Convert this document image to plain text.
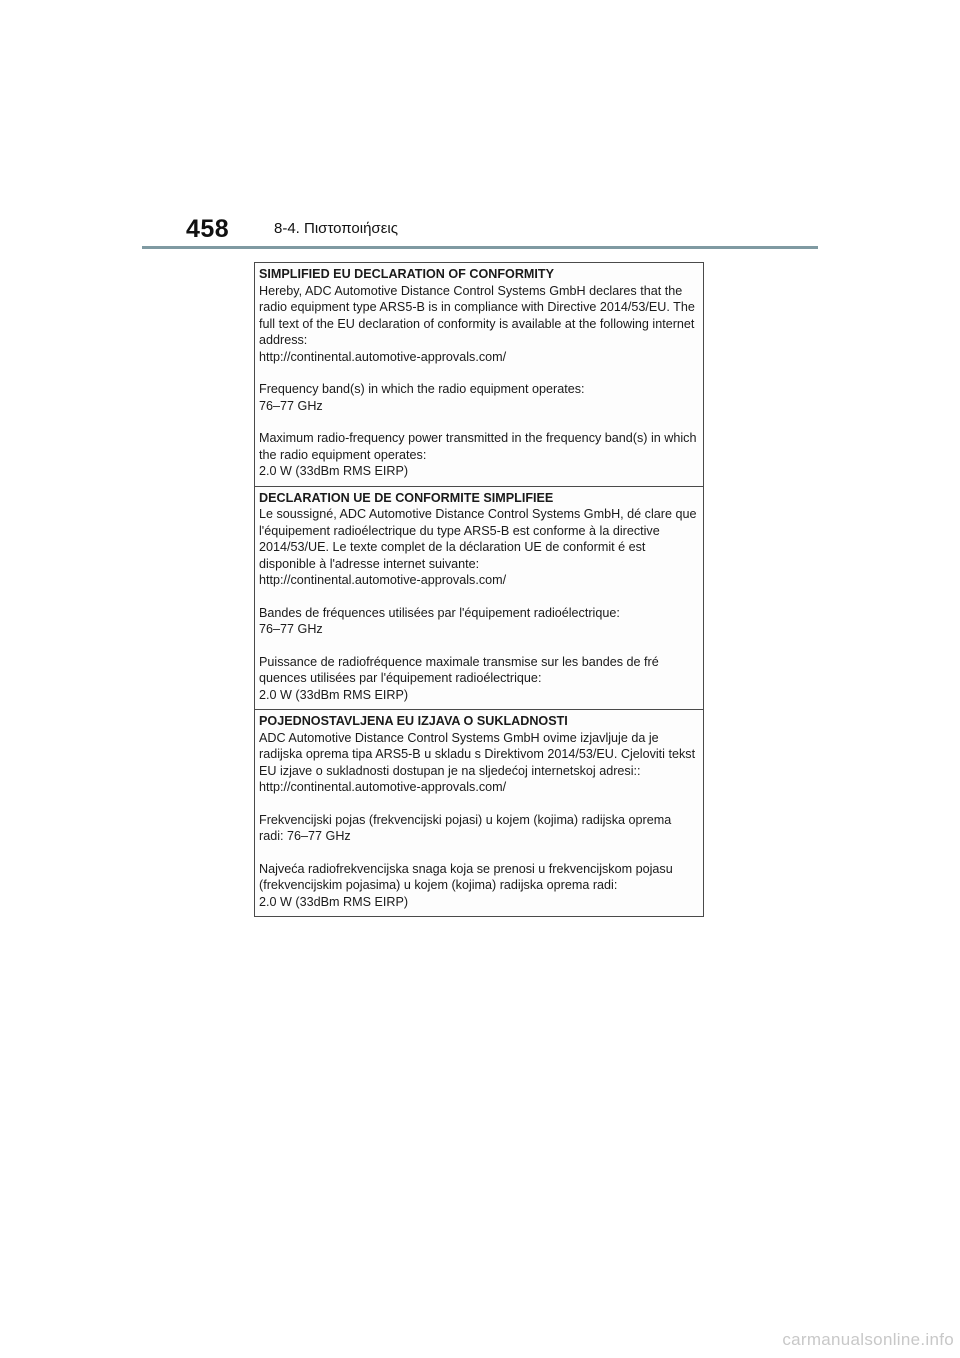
458	8-4. Πιστοποιήσεις
SIMPLIFIED EU DECLARATION OF CONFORMITY

Hereby, ADC Automotive Distance Control Systems GmbH declares that the radio equipment type ARS5-B is in compliance with Directive 2014/53/EU. The full text of the EU declaration of conformity is available at the following internet address:

http://continental.automotive-approvals.com/

Frequency band(s) in which the radio equipment operates:

76–77 GHz

Maximum radio-frequency power transmitted in the frequency band(s) in which the radio equipment operates:

2.0 W (33dBm RMS EIRP)

DECLARATION UE DE CONFORMITE SIMPLIFIEE

Le soussigné, ADC Automotive Distance Control Systems GmbH, dé clare que l'équipement radioélectrique du type ARS5-B est conforme à la directive 2014/53/UE. Le texte complet de la déclaration UE de conformit é est disponible à l'adresse internet suivante:

http://continental.automotive-approvals.com/

Bandes de fréquences utilisées par l'équipement radioélectrique:

76–77 GHz

Puissance de radiofréquence maximale transmise sur les bandes de fré quences utilisées par l'équipement radioélectrique:

2.0 W (33dBm RMS EIRP)

POJEDNOSTAVLJENA EU IZJAVA O SUKLADNOSTI

ADC Automotive Distance Control Systems GmbH ovime izjavljuje da je radijska oprema tipa ARS5-B u skladu s Direktivom 2014/53/EU. Cjeloviti tekst EU izjave o sukladnosti dostupan je na sljedećoj internetskoj adresi::

http://continental.automotive-approvals.com/

Frekvencijski pojas (frekvencijski pojasi) u kojem (kojima) radijska oprema radi: 76–77 GHz

Najveća radiofrekvencijska snaga koja se prenosi u frekvencijskom pojasu (frekvencijskim pojasima) u kojem (kojima) radijska oprema radi:

2.0 W (33dBm RMS EIRP)

carmanualsonline.info
